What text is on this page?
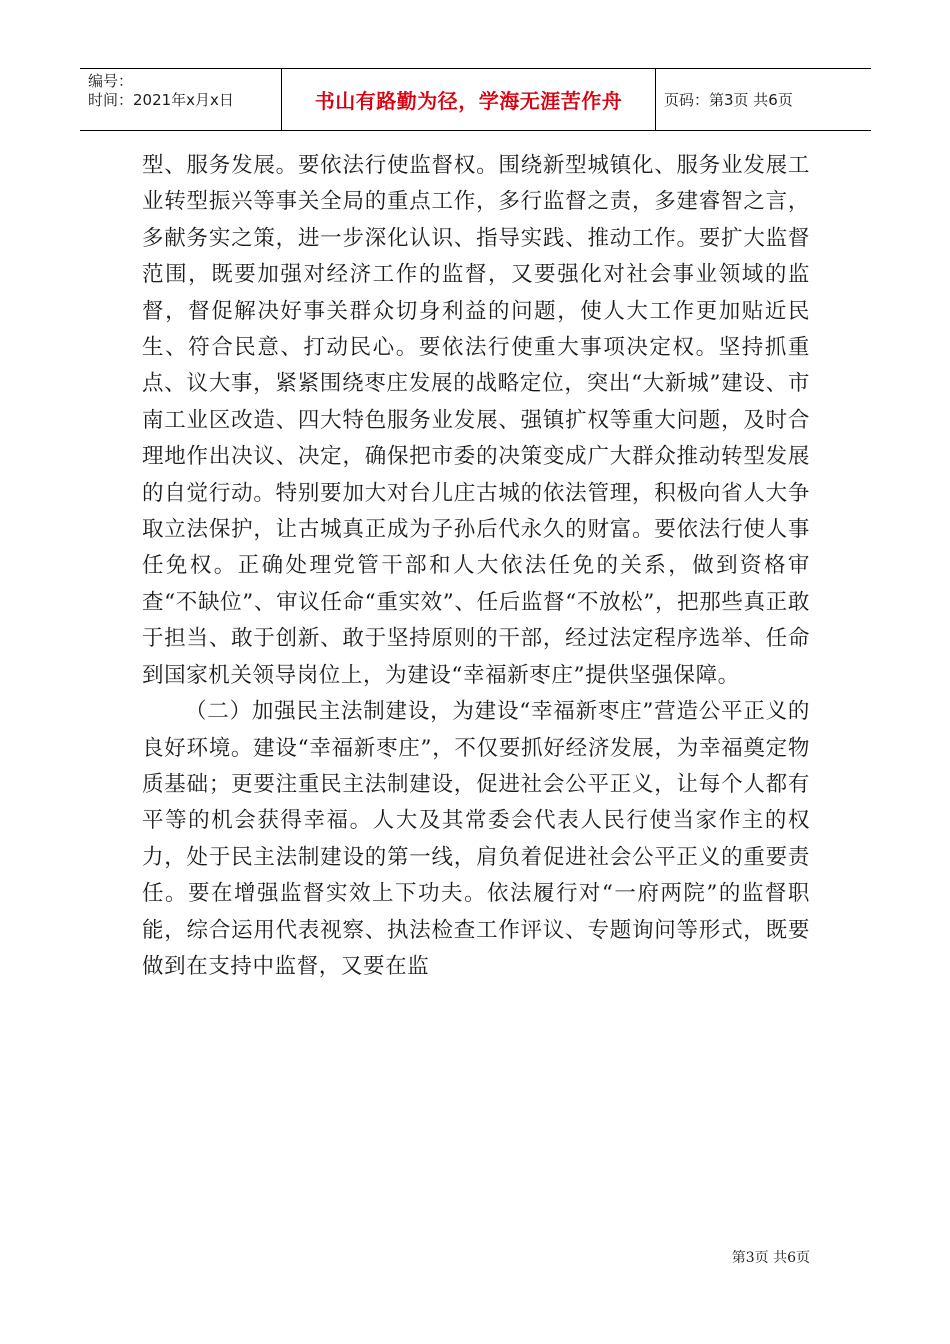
编号：
时间：2021年x月x日	书山有路勤为径，学海无涯苦作舟	页码：第3页 共6页

型、服务发展。要依法行使监督权。围绕新型城镇化、服务业发展工业转型振兴等事关全局的重点工作，多行监督之责，多建睿智之言，多献务实之策，进一步深化认识、指导实践、推动工作。要扩大监督范围，既要加强对经济工作的监督，又要强化对社会事业领域的监督，督促解决好事关群众切身利益的问题，使人大工作更加贴近民生、符合民意、打动民心。要依法行使重大事项决定权。坚持抓重点、议大事，紧紧围绕枣庄发展的战略定位，突出“大新城”建设、市南工业区改造、四大特色服务业发展、强镇扩权等重大问题，及时合理地作出决议、决定，确保把市委的决策变成广大群众推动转型发展的自觉行动。特别要加大对台儿庄古城的依法管理，积极向省人大争取立法保护，让古城真正成为子孙后代永久的财富。要依法行使人事任免权。正确处理党管干部和人大依法任免的关系，做到资格审查“不缺位”、审议任命“重实效”、任后监督“不放松”，把那些真正敢于担当、敢于创新、敢于坚持原则的干部，经过法定程序选举、任命到国家机关领导岗位上，为建设“幸福新枣庄”提供坚强保障。

（二）加强民主法制建设，为建设“幸福新枣庄”营造公平正义的良好环境。建设“幸福新枣庄”，不仅要抓好经济发展，为幸福奠定物质基础；更要注重民主法制建设，促进社会公平正义，让每个人都有平等的机会获得幸福。人大及其常委会代表人民行使当家作主的权力，处于民主法制建设的第一线，肩负着促进社会公平正义的重要责任。要在增强监督实效上下功夫。依法履行对“一府两院”的监督职能，综合运用代表视察、执法检查工作评议、专题询问等形式，既要做到在支持中监督，又要在监

第3页 共6页
